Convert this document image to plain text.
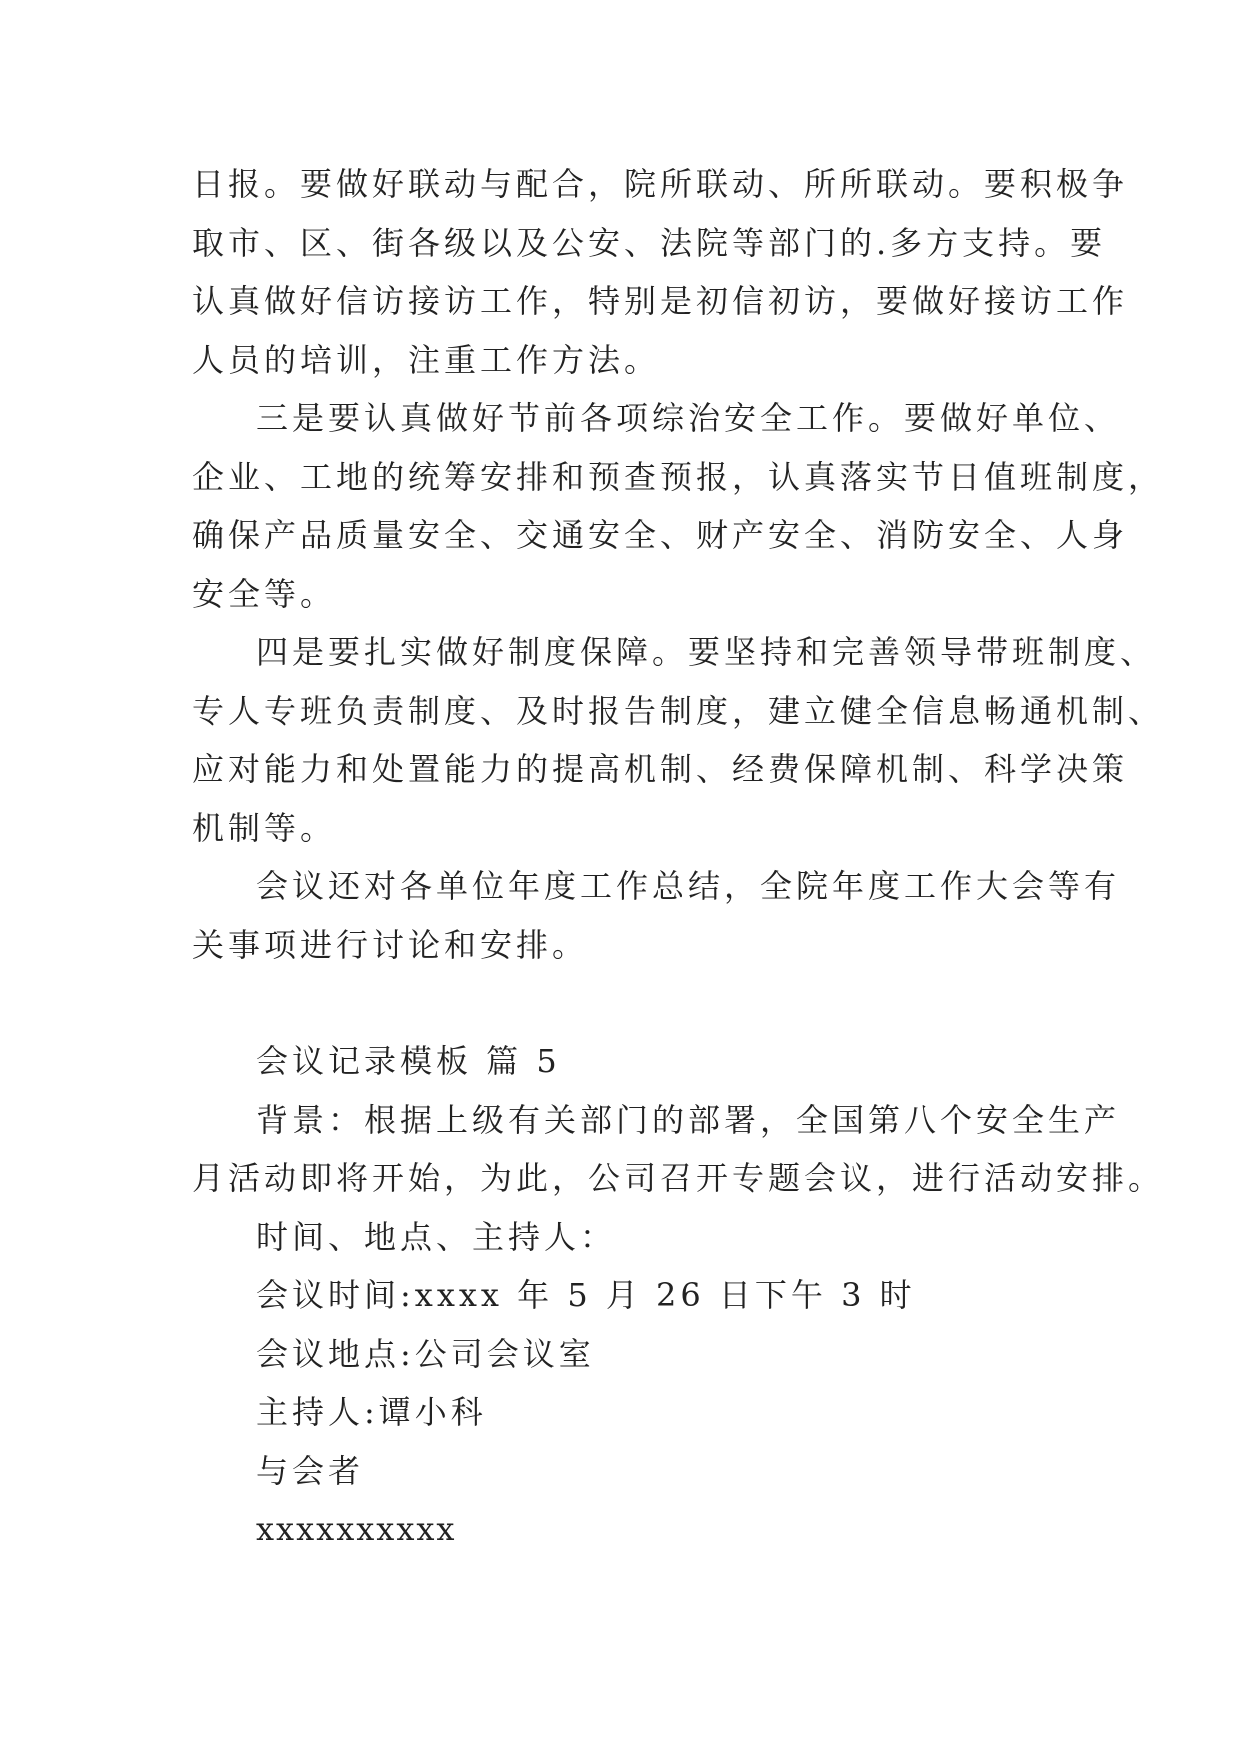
日报。要做好联动与配合，院所联动、所所联动。要积极争
取市、区、街各级以及公安、法院等部门的.多方支持。要
认真做好信访接访工作，特别是初信初访，要做好接访工作
人员的培训，注重工作方法。
三是要认真做好节前各项综治安全工作。要做好单位、
企业、工地的统筹安排和预查预报，认真落实节日值班制度，
确保产品质量安全、交通安全、财产安全、消防安全、人身
安全等。
四是要扎实做好制度保障。要坚持和完善领导带班制度、
专人专班负责制度、及时报告制度，建立健全信息畅通机制、
应对能力和处置能力的提高机制、经费保障机制、科学决策
机制等。
会议还对各单位年度工作总结，全院年度工作大会等有
关事项进行讨论和安排。
会议记录模板 篇 5
背景：根据上级有关部门的部署，全国第八个安全生产
月活动即将开始，为此，公司召开专题会议，进行活动安排。
时间、地点、主持人：
会议时间:xxxx 年 5 月 26 日下午 3 时
会议地点:公司会议室
主持人:谭小科
与会者
xxxxxxxxxx
